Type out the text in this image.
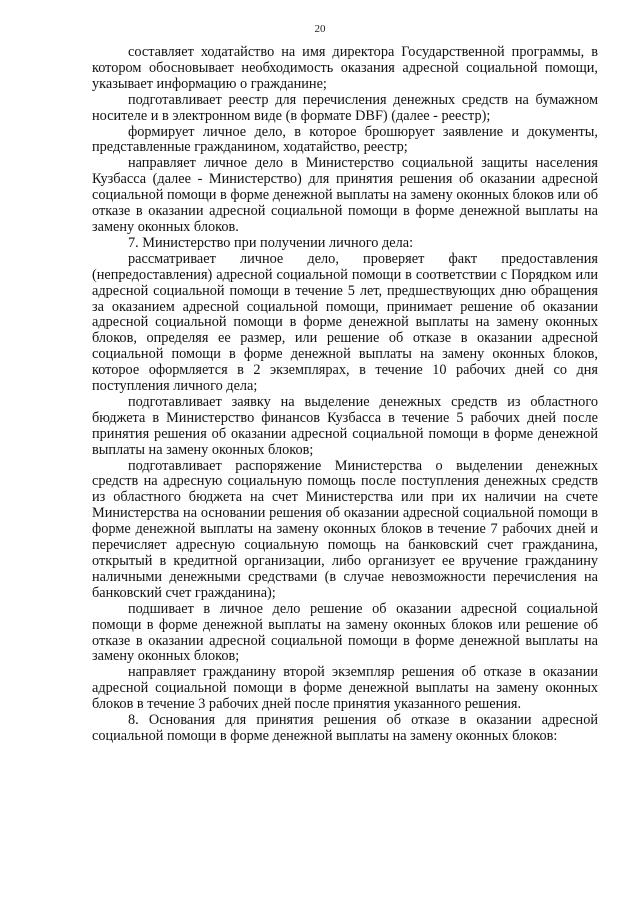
20

составляет ходатайство на имя директора Государственной программы, в котором обосновывает необходимость оказания адресной социальной помощи, указывает информацию о гражданине;

подготавливает реестр для перечисления денежных средств на бумажном носителе и в электронном виде (в формате DBF) (далее - реестр);

формирует личное дело, в которое брошюрует заявление и документы, представленные гражданином, ходатайство, реестр;

направляет личное дело в Министерство социальной защиты населения Кузбасса (далее - Министерство) для принятия решения об оказании адресной социальной помощи в форме денежной выплаты на замену оконных блоков или об отказе в оказании адресной социальной помощи в форме денежной выплаты на замену оконных блоков.

7. Министерство при получении личного дела:

рассматривает личное дело, проверяет факт предоставления (непредоставления) адресной социальной помощи в соответствии с Порядком или адресной социальной помощи в течение 5 лет, предшествующих дню обращения за оказанием адресной социальной помощи, принимает решение об оказании адресной социальной помощи в форме денежной выплаты на замену оконных блоков, определяя ее размер, или решение об отказе в оказании адресной социальной помощи в форме денежной выплаты на замену оконных блоков, которое оформляется в 2 экземплярах, в течение 10 рабочих дней со дня поступления личного дела;

подготавливает заявку на выделение денежных средств из областного бюджета в Министерство финансов Кузбасса в течение 5 рабочих дней после принятия решения об оказании адресной социальной помощи в форме денежной выплаты на замену оконных блоков;

подготавливает распоряжение Министерства о выделении денежных средств на адресную социальную помощь после поступления денежных средств из областного бюджета на счет Министерства или при их наличии на счете Министерства на основании решения об оказании адресной социальной помощи в форме денежной выплаты на замену оконных блоков в течение 7 рабочих дней и перечисляет адресную социальную помощь на банковский счет гражданина, открытый в кредитной организации, либо организует ее вручение гражданину наличными денежными средствами (в случае невозможности перечисления на банковский счет гражданина);

подшивает в личное дело решение об оказании адресной социальной помощи в форме денежной выплаты на замену оконных блоков или решение об отказе в оказании адресной социальной помощи в форме денежной выплаты на замену оконных блоков;

направляет гражданину второй экземпляр решения об отказе в оказании адресной социальной помощи в форме денежной выплаты на замену оконных блоков в течение 3 рабочих дней после принятия указанного решения.

8. Основания для принятия решения об отказе в оказании адресной социальной помощи в форме денежной выплаты на замену оконных блоков:
